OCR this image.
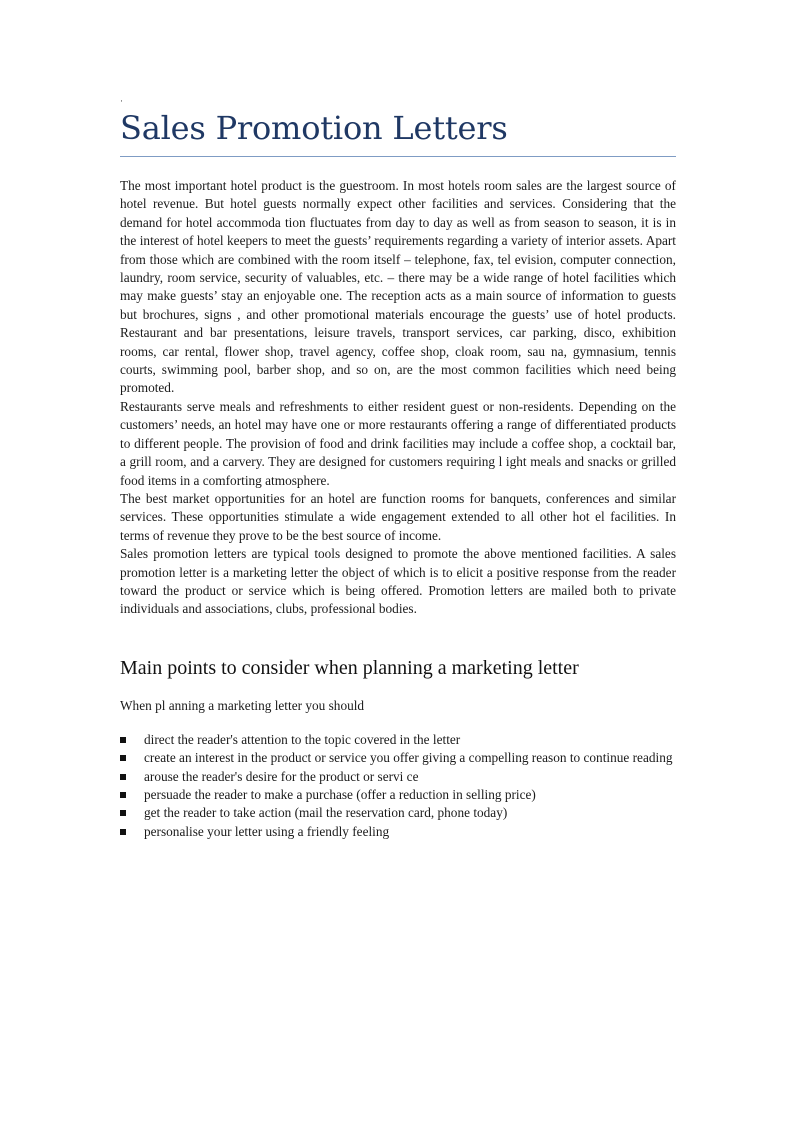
·
Sales Promotion Letters

The most important hotel product is the guestroom. In most hotels room sales are the largest source of hotel revenue. But hotel guests normally expect other facilities and services. Considering that the demand for hotel accommoda tion fluctuates from day to day as well as from season to season, it is in the interest of hotel keepers to meet the guests’ requirements regarding a variety of interior assets. Apart from those which are combined with the room itself – telephone, fax, tel evision, computer connection, laundry, room service, security of valuables, etc. – there may be a wide range of hotel facilities which may make guests’ stay an enjoyable one. The reception acts as a main source of information to guests but brochures, signs , and other promotional materials encourage the guests’ use of hotel products. Restaurant and bar presentations, leisure travels, transport services, car parking, disco, exhibition rooms, car rental, flower shop, travel agency, coffee shop, cloak room, sau na, gymnasium, tennis courts, swimming pool, barber shop, and so on, are the most common facilities which need being promoted.

Restaurants serve meals and refreshments to either resident guest or non-residents. Depending on the customers’ needs, an hotel may have one or more restaurants offering a range of differentiated products to different people. The provision of food and drink facilities may include a coffee shop, a cocktail bar, a grill room, and a carvery. They are designed for customers requiring l ight meals and snacks or grilled food items in a comforting atmosphere.

The best market opportunities for an hotel are function rooms for banquets, conferences and similar services. These opportunities stimulate a wide engagement extended to all other hot el facilities. In terms of revenue they prove to be the best source of income.

Sales promotion letters are typical tools designed to promote the above mentioned facilities. A sales promotion letter is a marketing letter the object of which is to elicit a positive response from the reader toward the product or service which is being offered. Promotion letters are mailed both to private individuals and associations, clubs, professional bodies.

Main points to consider when planning a marketing letter

When pl anning a marketing letter you should

direct the reader's attention to the topic covered in the letter
create an interest in the product or service you offer giving a compelling reason to continue reading
arouse the reader's desire for the product or servi ce
persuade the reader to make a purchase (offer a reduction in selling price)
get the reader to take action (mail the reservation card, phone today)
personalise your letter using a friendly feeling
